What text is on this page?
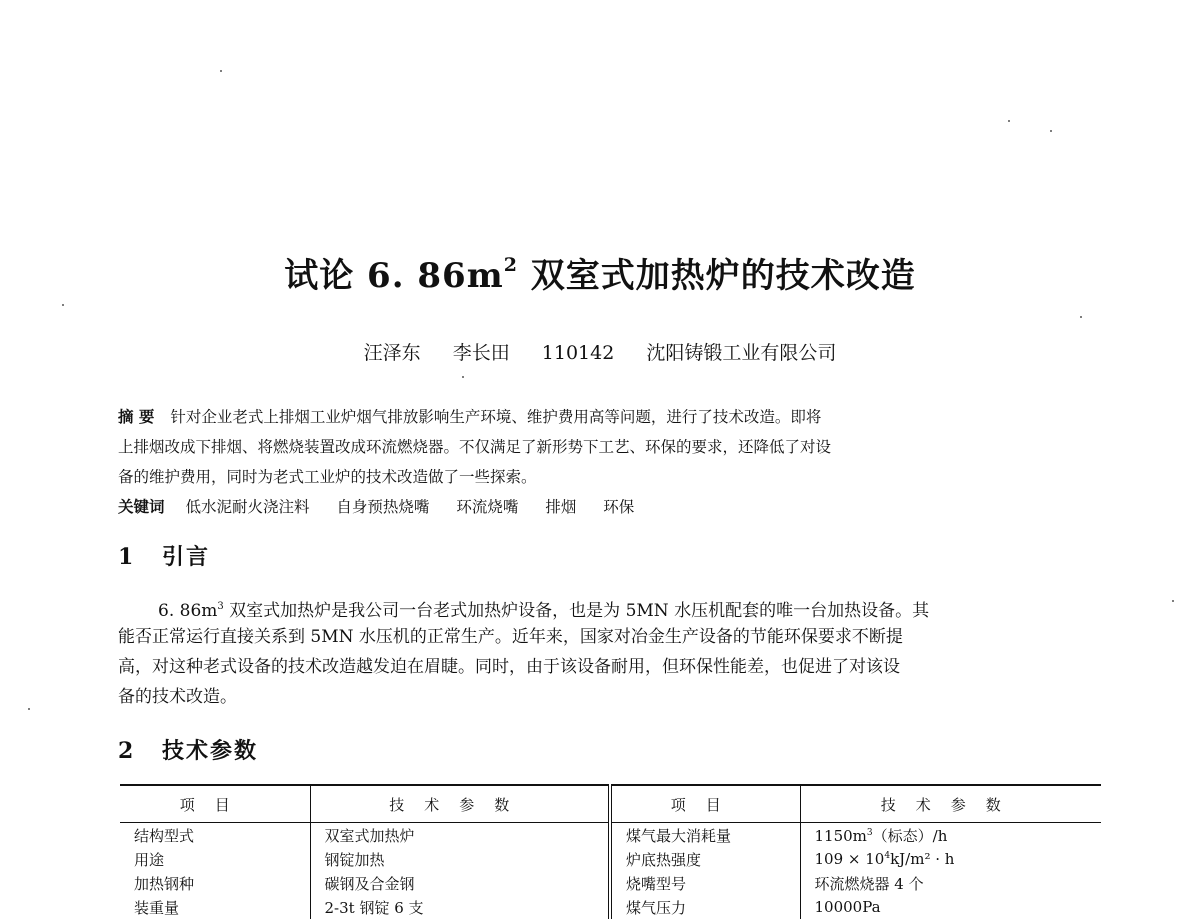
试论 6. $86m^2$ 双室式加热炉的技术改造
汪泽东 李长田 110142 沈阳铸锻工业有限公司
摘 要 针对企业老式上排烟工业炉烟气排放影响生产环境、维护费用高等问题，进行了技术改造。即将
上排烟改成下排烟、将燃烧装置改成环流燃烧器。不仅满足了新形势下工艺、环保的要求，还降低了对设
备的维护费用，同时为老式工业炉的技术改造做了一些探索。
关键词 低水泥耐火浇注料 自身预热烧嘴 环流烧嘴 排烟 环保
1 引言
6. $86m^3$ 双室式加热炉是我公司一台老式加热炉设备，也是为 5MN 水压机配套的唯一台加热设备。其
能否正常运行直接关系到 5MN 水压机的正常生产。近年来，国家对冶金生产设备的节能环保要求不断提
高，对这种老式设备的技术改造越发迫在眉睫。同时，由于该设备耐用，但环保性能差，也促进了对该设
备的技术改造。
2 技术参数
项目	技术参数	项目	技术参数
结构型式	双室式加热炉	煤气最大消耗量	$1150m^3$（标态）/h
用途	钢锭加热	炉底热强度	$109 \times 10^4kJ/m^2 \cdot h$
加热钢种	碳钢及合金钢	烧嘴型号	环流燃烧器 4 个
装重量	2-3t 钢锭 6 支	煤气压力	10000Pa
